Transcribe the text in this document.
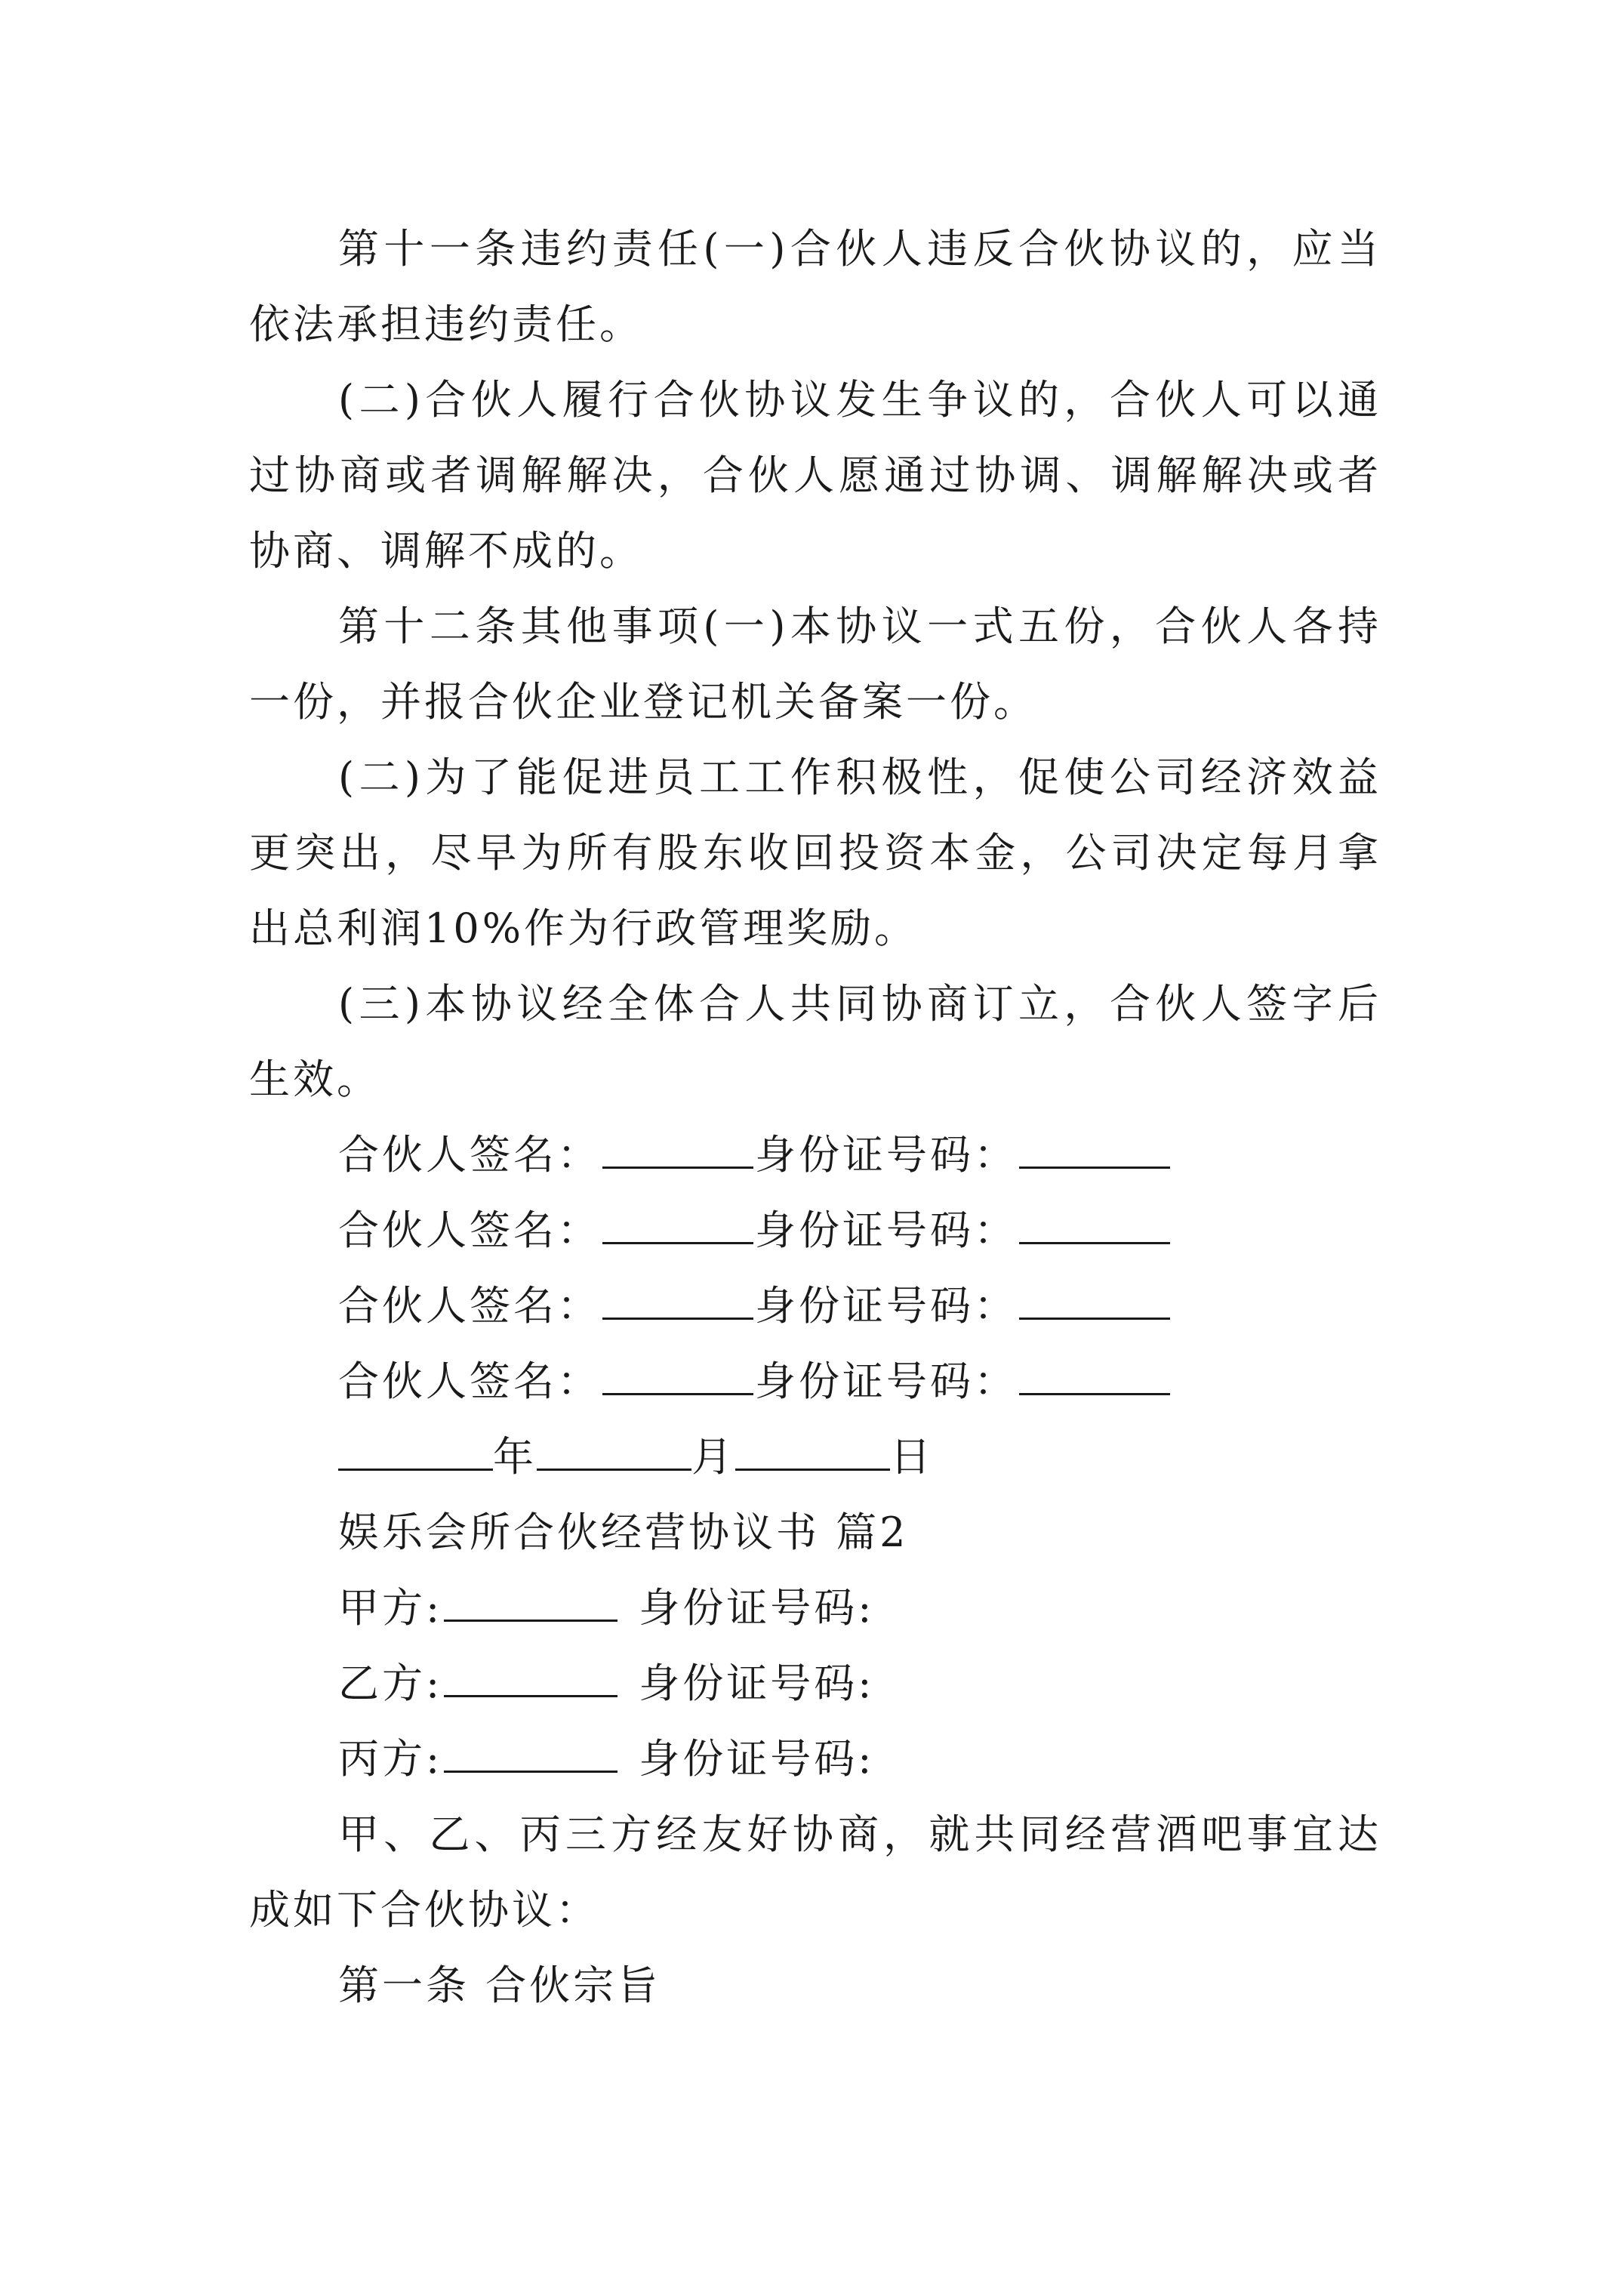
第十一条违约责任(一)合伙人违反合伙协议的，应当依法承担违约责任。

(二)合伙人履行合伙协议发生争议的，合伙人可以通过协商或者调解解决，合伙人愿通过协调、调解解决或者协商、调解不成的。

第十二条其他事项(一)本协议一式五份，合伙人各持一份，并报合伙企业登记机关备案一份。

(二)为了能促进员工工作积极性，促使公司经济效益更突出，尽早为所有股东收回投资本金，公司决定每月拿出总利润10%作为行政管理奖励。

(三)本协议经全体合人共同协商订立，合伙人签字后生效。

合伙人签名：	身份证号码：
合伙人签名：	身份证号码：
合伙人签名：	身份证号码：
合伙人签名：	身份证号码：
年	月	日
娱乐会所合伙经营协议书 篇2
甲方:	身份证号码:
乙方:	身份证号码:
丙方:	身份证号码:

甲、乙、丙三方经友好协商，就共同经营酒吧事宜达成如下合伙协议：

第一条 合伙宗旨
